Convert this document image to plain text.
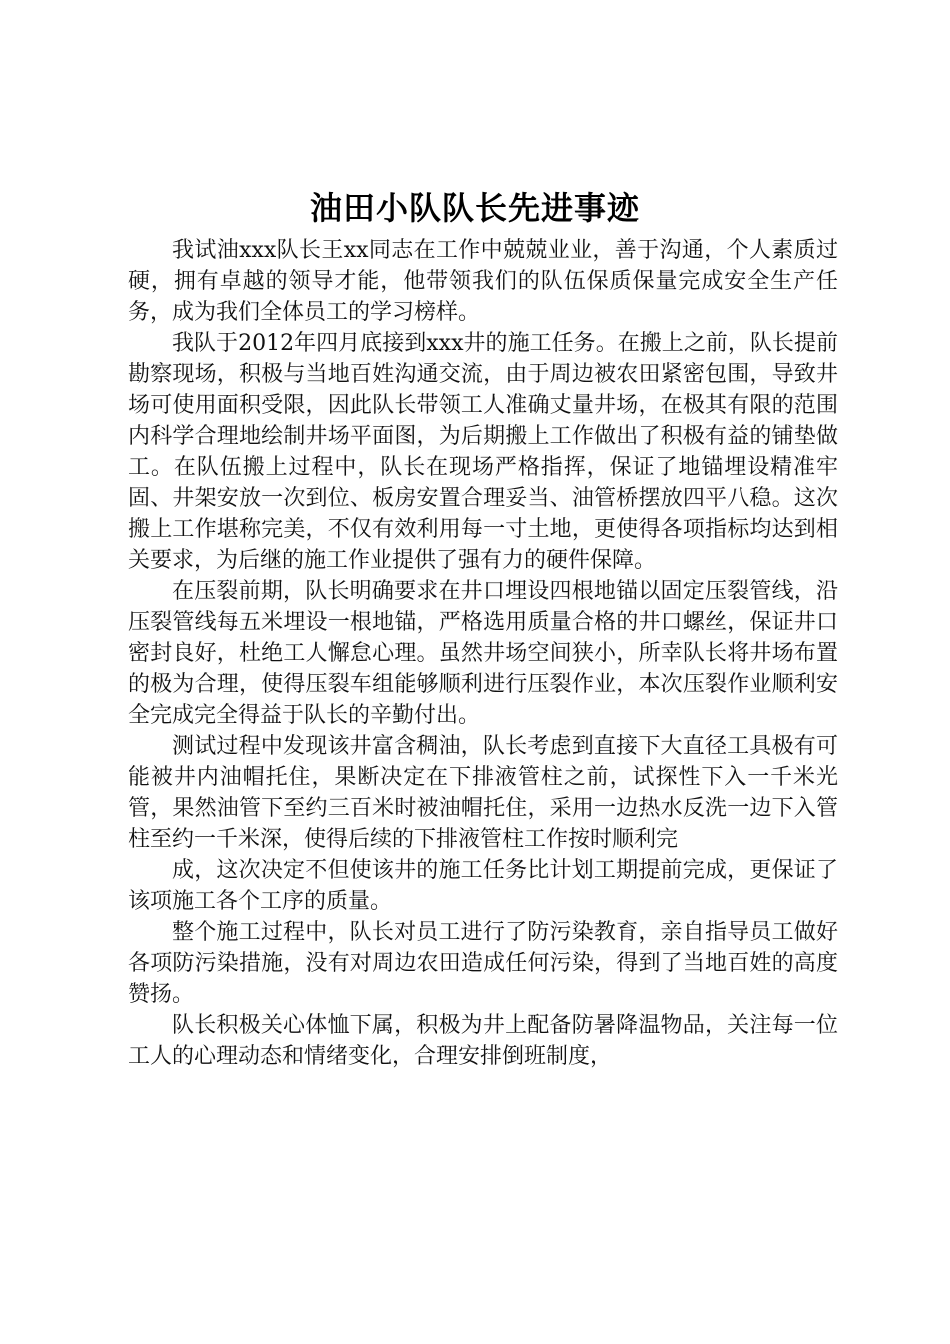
油田小队队长先进事迹

我试油xxx队长王xx同志在工作中兢兢业业，善于沟通，个人素质过硬，拥有卓越的领导才能，他带领我们的队伍保质保量完成安全生产任务，成为我们全体员工的学习榜样。

我队于2012年四月底接到xxx井的施工任务。在搬上之前，队长提前勘察现场，积极与当地百姓沟通交流，由于周边被农田紧密包围，导致井场可使用面积受限，因此队长带领工人准确丈量井场，在极其有限的范围内科学合理地绘制井场平面图，为后期搬上工作做出了积极有益的铺垫做工。在队伍搬上过程中，队长在现场严格指挥，保证了地锚埋设精准牢固、井架安放一次到位、板房安置合理妥当、油管桥摆放四平八稳。这次搬上工作堪称完美，不仅有效利用每一寸土地，更使得各项指标均达到相关要求，为后继的施工作业提供了强有力的硬件保障。

在压裂前期，队长明确要求在井口埋设四根地锚以固定压裂管线，沿压裂管线每五米埋设一根地锚，严格选用质量合格的井口螺丝，保证井口密封良好，杜绝工人懈怠心理。虽然井场空间狭小，所幸队长将井场布置的极为合理，使得压裂车组能够顺利进行压裂作业，本次压裂作业顺利安全完成完全得益于队长的辛勤付出。

测试过程中发现该井富含稠油，队长考虑到直接下大直径工具极有可能被井内油帽托住，果断决定在下排液管柱之前，试探性下入一千米光管，果然油管下至约三百米时被油帽托住，采用一边热水反洗一边下入管柱至约一千米深，使得后续的下排液管柱工作按时顺利完

成，这次决定不但使该井的施工任务比计划工期提前完成，更保证了该项施工各个工序的质量。

整个施工过程中，队长对员工进行了防污染教育，亲自指导员工做好各项防污染措施，没有对周边农田造成任何污染，得到了当地百姓的高度赞扬。

队长积极关心体恤下属，积极为井上配备防暑降温物品，关注每一位工人的心理动态和情绪变化，合理安排倒班制度，
